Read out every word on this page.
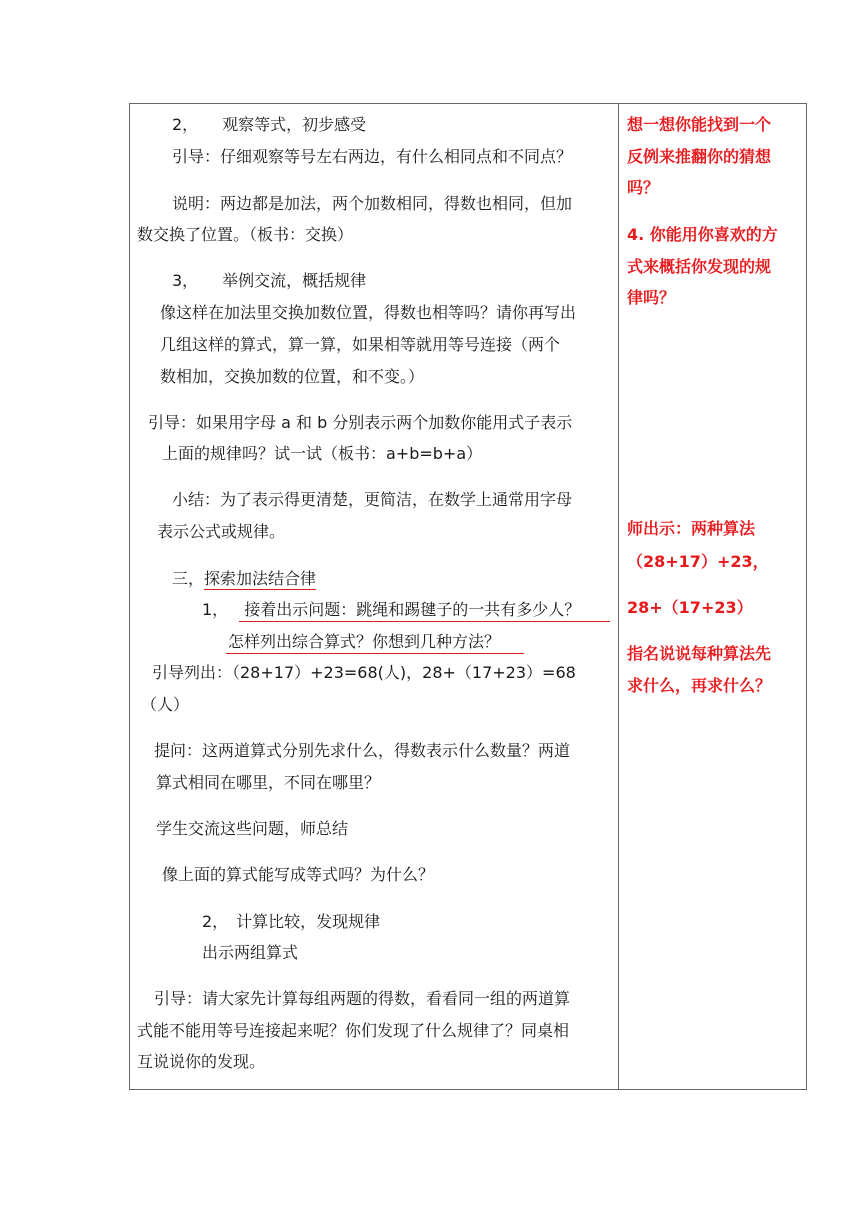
2，　　观察等式，初步感受
引导：仔细观察等号左右两边，有什么相同点和不同点？
说明：两边都是加法，两个加数相同，得数也相同，但加
数交换了位置。（板书：交换）
3，　　举例交流，概括规律
像这样在加法里交换加数位置，得数也相等吗？请你再写出
几组这样的算式，算一算，如果相等就用等号连接（两个
数相加，交换加数的位置，和不变。）
引导：如果用字母 a 和 b 分别表示两个加数你能用式子表示
上面的规律吗？试一试（板书：a+b=b+a）
小结：为了表示得更清楚，更简洁，在数学上通常用字母
表示公式或规律。
三，探索加法结合律
1， 接着出示问题：跳绳和踢毽子的一共有多少人？
怎样列出综合算式？你想到几种方法？
引导列出：（28+17）+23=68(人)，28+（17+23）=68
（人）
提问：这两道算式分别先求什么，得数表示什么数量？两道
算式相同在哪里，不同在哪里？
学生交流这些问题，师总结
像上面的算式能写成等式吗？为什么？
2，　计算比较，发现规律
出示两组算式
引导：请大家先计算每组两题的得数，看看同一组的两道算
式能不能用等号连接起来呢？你们发现了什么规律了？同桌相
互说说你的发现。
想一想你能找到一个
反例来推翻你的猜想
吗？
4. 你能用你喜欢的方
式来概括你发现的规
律吗？
师出示：两种算法
（28+17）+23，
28+（17+23）
指名说说每种算法先
求什么，再求什么？
